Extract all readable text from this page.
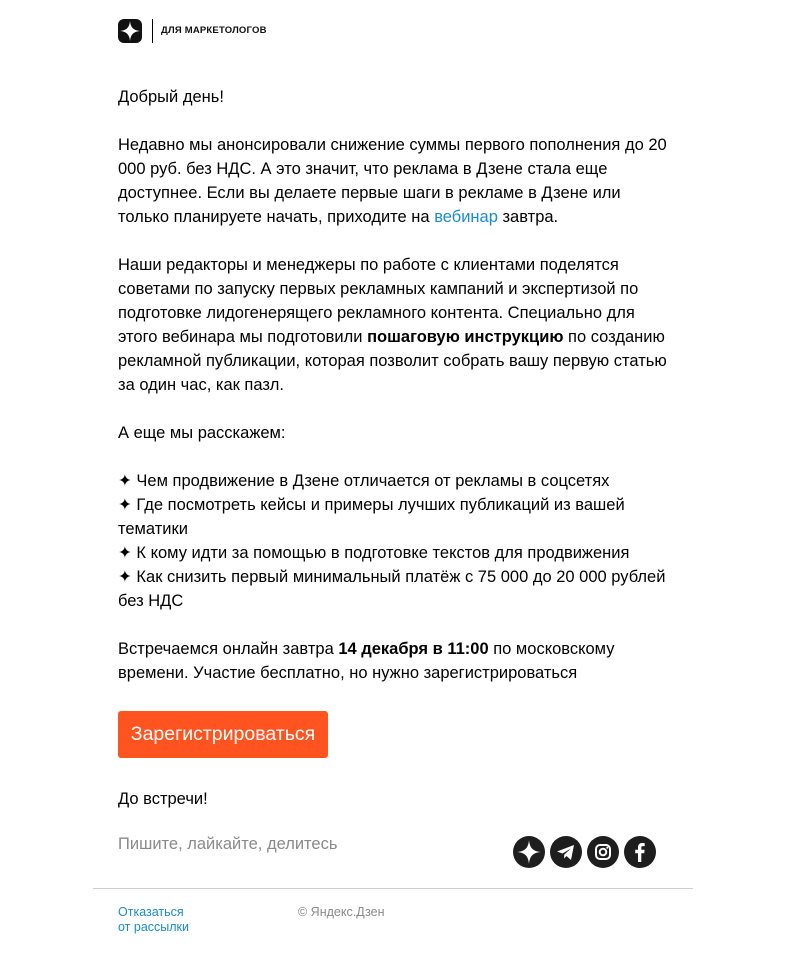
ДЛЯ МАРКЕТОЛОГОВ

Добрый день!

Недавно мы анонсировали снижение суммы первого пополнения до 20 000 руб. без НДС. А это значит, что реклама в Дзене стала еще доступнее. Если вы делаете первые шаги в рекламе в Дзене или только планируете начать, приходите на вебинар завтра.

Наши редакторы и менеджеры по работе с клиентами поделятся советами по запуску первых рекламных кампаний и экспертизой по подготовке лидогенерящего рекламного контента. Специально для этого вебинара мы подготовили пошаговую инструкцию по созданию рекламной публикации, которая позволит собрать вашу первую статью за один час, как пазл.

А еще мы расскажем:

✦ Чем продвижение в Дзене отличается от рекламы в соцсетях

✦ Где посмотреть кейсы и примеры лучших публикаций из вашей тематики

✦ К кому идти за помощью в подготовке текстов для продвижения

✦ Как снизить первый минимальный платёж с 75 000 до 20 000 рублей без НДС

Встречаемся онлайн завтра 14 декабря в 11:00 по московскому времени. Участие бесплатно, но нужно зарегистрироваться

Зарегистрироваться
До встречи!
Пишите, лайкайте, делитесь
Отказаться
от рассылки
© Яндекс.Дзен
